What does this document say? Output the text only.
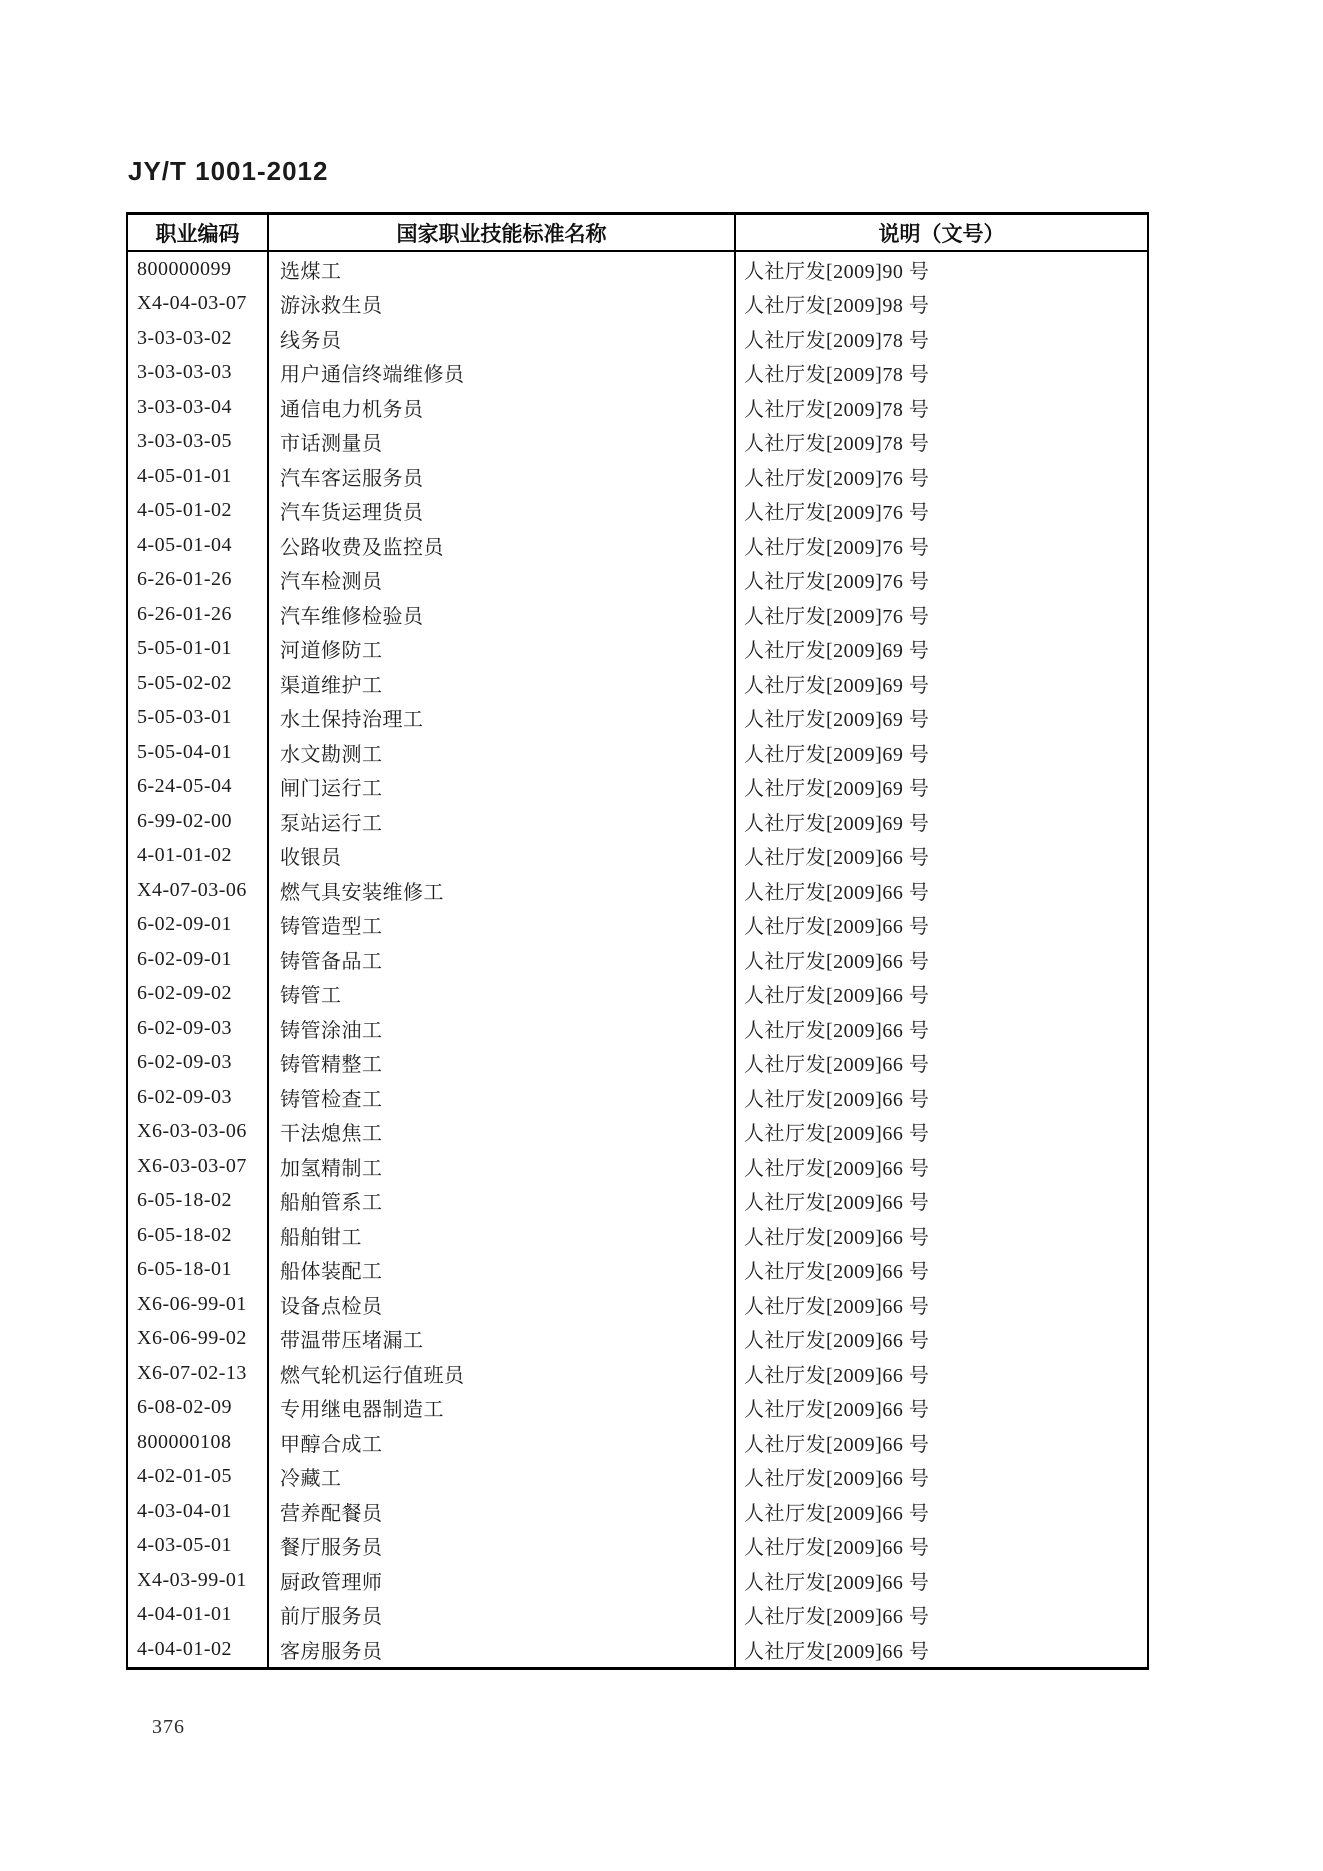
JY/T 1001-2012
职业编码	国家职业技能标准名称	说明（文号）
800000099	选煤工	人社厅发[2009]90 号
X4-04-03-07	游泳救生员	人社厅发[2009]98 号
3-03-03-02	线务员	人社厅发[2009]78 号
3-03-03-03	用户通信终端维修员	人社厅发[2009]78 号
3-03-03-04	通信电力机务员	人社厅发[2009]78 号
3-03-03-05	市话测量员	人社厅发[2009]78 号
4-05-01-01	汽车客运服务员	人社厅发[2009]76 号
4-05-01-02	汽车货运理货员	人社厅发[2009]76 号
4-05-01-04	公路收费及监控员	人社厅发[2009]76 号
6-26-01-26	汽车检测员	人社厅发[2009]76 号
6-26-01-26	汽车维修检验员	人社厅发[2009]76 号
5-05-01-01	河道修防工	人社厅发[2009]69 号
5-05-02-02	渠道维护工	人社厅发[2009]69 号
5-05-03-01	水土保持治理工	人社厅发[2009]69 号
5-05-04-01	水文勘测工	人社厅发[2009]69 号
6-24-05-04	闸门运行工	人社厅发[2009]69 号
6-99-02-00	泵站运行工	人社厅发[2009]69 号
4-01-01-02	收银员	人社厅发[2009]66 号
X4-07-03-06	燃气具安装维修工	人社厅发[2009]66 号
6-02-09-01	铸管造型工	人社厅发[2009]66 号
6-02-09-01	铸管备品工	人社厅发[2009]66 号
6-02-09-02	铸管工	人社厅发[2009]66 号
6-02-09-03	铸管涂油工	人社厅发[2009]66 号
6-02-09-03	铸管精整工	人社厅发[2009]66 号
6-02-09-03	铸管检查工	人社厅发[2009]66 号
X6-03-03-06	干法熄焦工	人社厅发[2009]66 号
X6-03-03-07	加氢精制工	人社厅发[2009]66 号
6-05-18-02	船舶管系工	人社厅发[2009]66 号
6-05-18-02	船舶钳工	人社厅发[2009]66 号
6-05-18-01	船体装配工	人社厅发[2009]66 号
X6-06-99-01	设备点检员	人社厅发[2009]66 号
X6-06-99-02	带温带压堵漏工	人社厅发[2009]66 号
X6-07-02-13	燃气轮机运行值班员	人社厅发[2009]66 号
6-08-02-09	专用继电器制造工	人社厅发[2009]66 号
800000108	甲醇合成工	人社厅发[2009]66 号
4-02-01-05	冷藏工	人社厅发[2009]66 号
4-03-04-01	营养配餐员	人社厅发[2009]66 号
4-03-05-01	餐厅服务员	人社厅发[2009]66 号
X4-03-99-01	厨政管理师	人社厅发[2009]66 号
4-04-01-01	前厅服务员	人社厅发[2009]66 号
4-04-01-02	客房服务员	人社厅发[2009]66 号
376
